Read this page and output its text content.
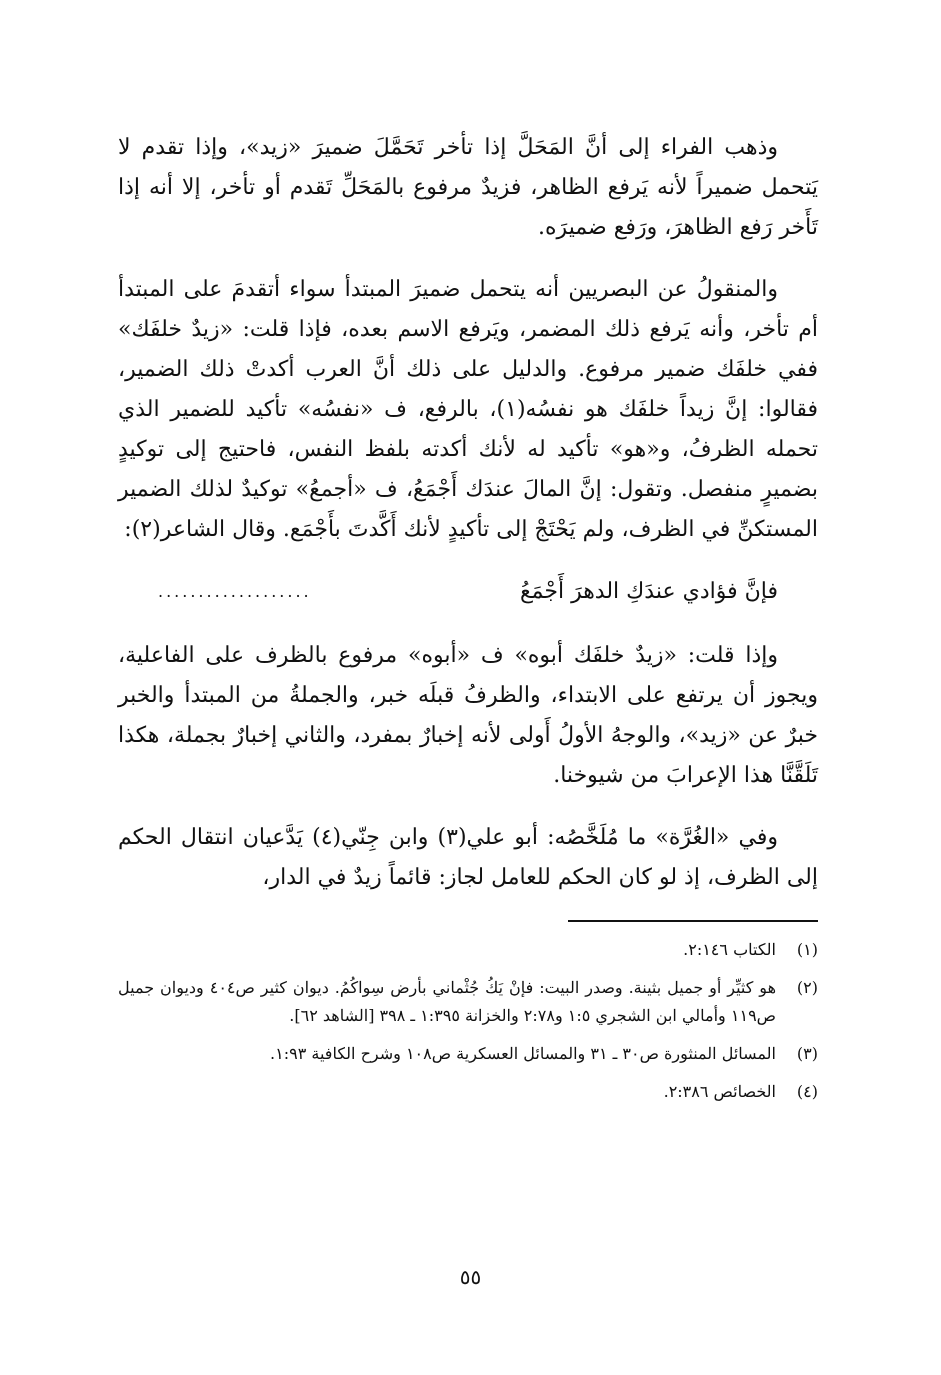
وذهب الفراء إلى أنَّ المَحَلَّ إذا تأخر تَحَمَّلَ ضميرَ «زيد»، وإذا تقدم لا يَتحمل ضميراً لأنه يَرفع الظاهر، فزيدٌ مرفوع بالمَحَلِّ تَقدم أو تأخر، إلا أنه إذا تَأَخر رَفع الظاهرَ، ورَفع ضميرَه.

والمنقولُ عن البصريين أنه يتحمل ضميرَ المبتدأ سواء أتقدمَ على المبتدأ أم تأخر، وأنه يَرفع ذلك المضمر، ويَرفع الاسم بعده، فإذا قلت: «زيدٌ خلفَك» ففي خلفَك ضمير مرفوع. والدليل على ذلك أنَّ العرب أكدتْ ذلك الضمير، فقالوا: إنَّ زيداً خلفَك هو نفسُه(١)، بالرفع، ف «نفسُه» تأكيد للضمير الذي تحمله الظرفُ، و«هو» تأكيد له لأنك أكدته بلفظ النفس، فاحتيج إلى توكيدٍ بضميرٍ منفصل. وتقول: إنَّ المالَ عندَك أَجْمَعُ، ف «أجمعُ» توكيدٌ لذلك الضمير المستكنِّ في الظرف، ولم يَحْتَجْ إلى تأكيدٍ لأنك أَكَّدتَ بأَجْمَع. وقال الشاعر(٢):

فإنَّ فؤادي عندَكِ الدهرَ أَجْمَعُ
...................

وإذا قلت: «زيدٌ خلفَك أبوه» ف «أبوه» مرفوع بالظرف على الفاعلية، ويجوز أن يرتفع على الابتداء، والظرفُ قبلَه خبر، والجملةُ من المبتدأ والخبر خبرٌ عن «زيد»، والوجهُ الأولُ أَولى لأنه إخبارٌ بمفرد، والثاني إخبارٌ بجملة، هكذا تَلَقَّنَّا هذا الإعرابَ من شيوخنا.

وفي «الغُرَّة» ما مُلَخَّصُه: أبو علي(٣) وابن جِنّي(٤) يَدَّعيان انتقال الحكم إلى الظرف، إذ لو كان الحكم للعامل لجاز: قائماً زيدٌ في الدار،

(١)
الكتاب ٢:١٤٦.
(٢)
هو كثيِّر أو جميل بثينة. وصدر البيت: فإنْ يَكُ جُثْماني بأرض سِواكُمُ. ديوان كثير ص٤٠٤ وديوان جميل ص١١٩ وأمالي ابن الشجري ١:٥ و٢:٧٨ والخزانة ١:٣٩٥ ـ ٣٩٨ [الشاهد ٦٢].
(٣)
المسائل المنثورة ص٣٠ ـ ٣١ والمسائل العسكرية ص١٠٨ وشرح الكافية ١:٩٣.
(٤)
الخصائص ٢:٣٨٦.
٥٥
